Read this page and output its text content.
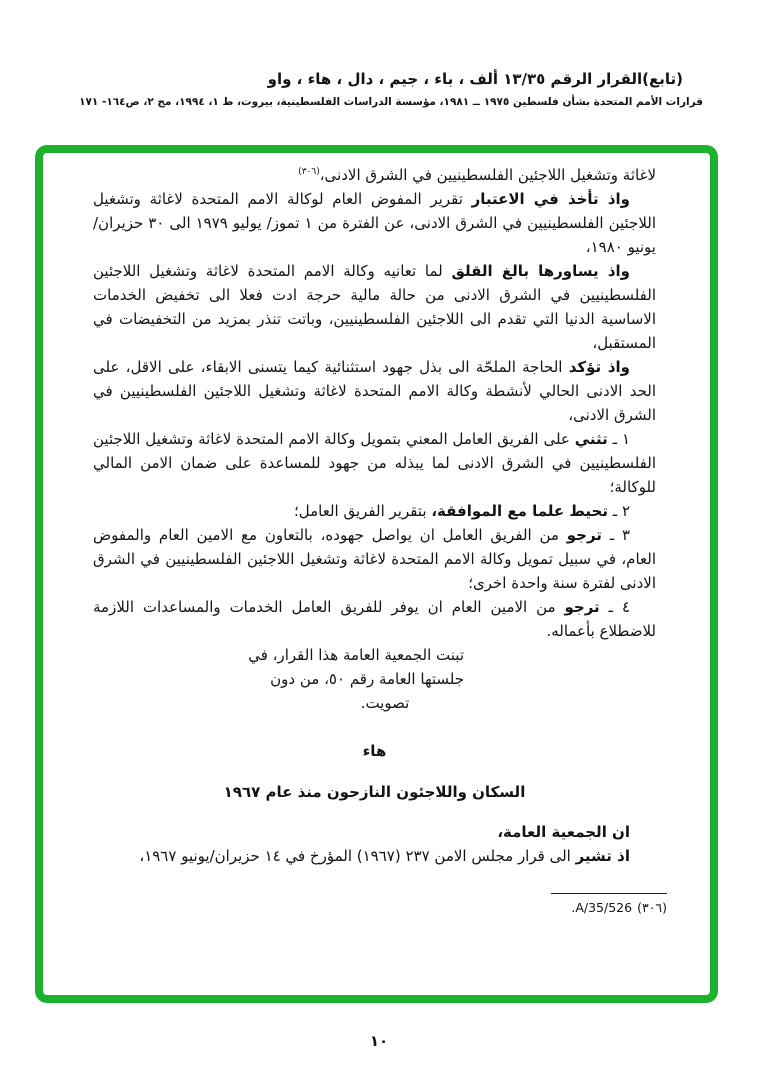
(تابع)القرار الرقم ١٣/٣٥ ألف ، باء ، جيم ، دال ، هاء ، واو
قرارات الأمم المتحدة بشأن فلسطين ١٩٧٥ ــ ١٩٨١، مؤسسة الدراسات الفلسطينية، بيروت، ط ١، ١٩٩٤، مج ٢، ص١٦٤- ١٧١

لاغاثة وتشغيل اللاجئين الفلسطينيين في الشرق الادنى،$^{(٣٠٦)}$

واذ تأخذ في الاعتبار تقرير المفوض العام لوكالة الامم المتحدة لاغاثة وتشغيل اللاجئين الفلسطينيين في الشرق الادنى، عن الفترة من ١ تموز/ يوليو ١٩٧٩ الى ٣٠ حزيران/يونيو ١٩٨٠،

واذ يساورها بالغ القلق لما تعانيه وكالة الامم المتحدة لاغاثة وتشغيل اللاجئين الفلسطينيين في الشرق الادنى من حالة مالية حرجة ادت فعلا الى تخفيض الخدمات الاساسية الدنيا التي تقدم الى اللاجئين الفلسطينيين، وباتت تنذر بمزيد من التخفيضات في المستقبل،

واذ تؤكد الحاجة الملحّة الى بذل جهود استثنائية كيما يتسنى الابقاء، على الاقل، على الحد الادنى الحالي لأنشطة وكالة الامم المتحدة لاغاثة وتشغيل اللاجئين الفلسطينيين في الشرق الادنى،

١ ـ تثني على الفريق العامل المعني بتمويل وكالة الامم المتحدة لاغاثة وتشغيل اللاجئين الفلسطينيين في الشرق الادنى لما يبذله من جهود للمساعدة على ضمان الامن المالي للوكالة؛

٢ ـ تحيط علما مع الموافقة، بتقرير الفريق العامل؛

٣ ـ ترجو من الفريق العامل ان يواصل جهوده، بالتعاون مع الامين العام والمفوض العام، في سبيل تمويل وكالة الامم المتحدة لاغاثة وتشغيل اللاجئين الفلسطينيين في الشرق الادنى لفترة سنة واحدة اخرى؛

٤ ـ ترجو من الامين العام ان يوفر للفريق العامل الخدمات والمساعدات اللازمة للاضطلاع بأعماله.

تبنت الجمعية العامة هذا القرار، في
جلستها العامة رقم ٥٠، من دون
تصويت.
هاء
السكان واللاجئون النازحون منذ عام ١٩٦٧

ان الجمعية العامة،

اذ تشير الى قرار مجلس الامن ٢٣٧ (١٩٦٧) المؤرخ في ١٤ حزيران/يونيو ١٩٦٧،

(٣٠٦)A/35/526.
١٠
